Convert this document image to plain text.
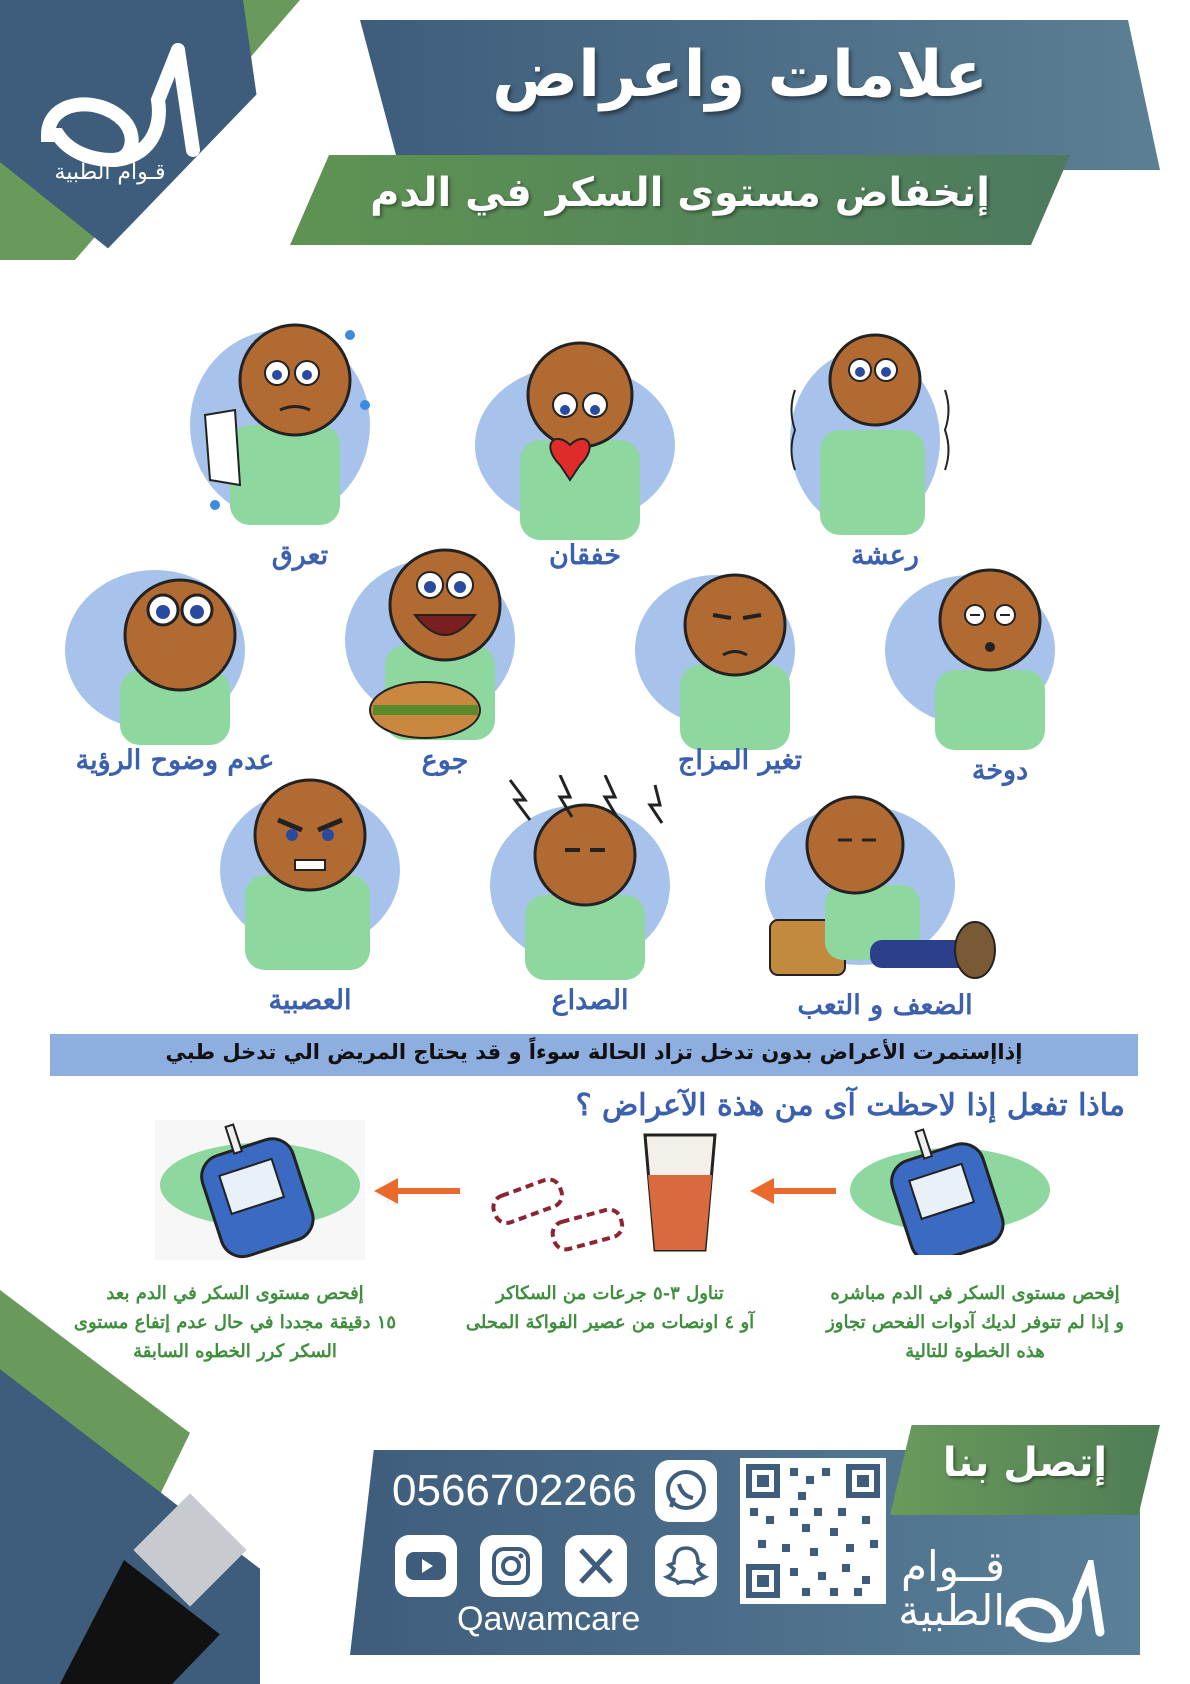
قـوام الطبية
علامات واعراض
إنخفاض مستوى السكر في الدم
تعرق	خفقان	رعشة
عدم وضوح الرؤية	جوع	تغير المزاج	دوخة
العصبية	الصداع	الضعف و التعب
إذاإستمرت الأعراض بدون تدخل تزاد الحالة سوءاً و قد يحتاج المريض الي تدخل طبي
ماذا تفعل إذا لاحظت آى من هذة الآعراض ؟
إفحص مستوى السكر في الدم مباشره
و إذا لم تتوفر لديك آدوات الفحص تجاوز
هذه الخطوة للتالية
تناول ٣-٥ جرعات من السكاكر
آو ٤ اونصات من عصير الفواكة المحلى
إفحص مستوى السكر في الدم بعد
١٥ دقيقة مجددا في حال عدم إتفاع مستوى
السكر كرر الخطوه السابقة
إتصل بنا
0566702266
Qawamcare
قــوام
الطبية
